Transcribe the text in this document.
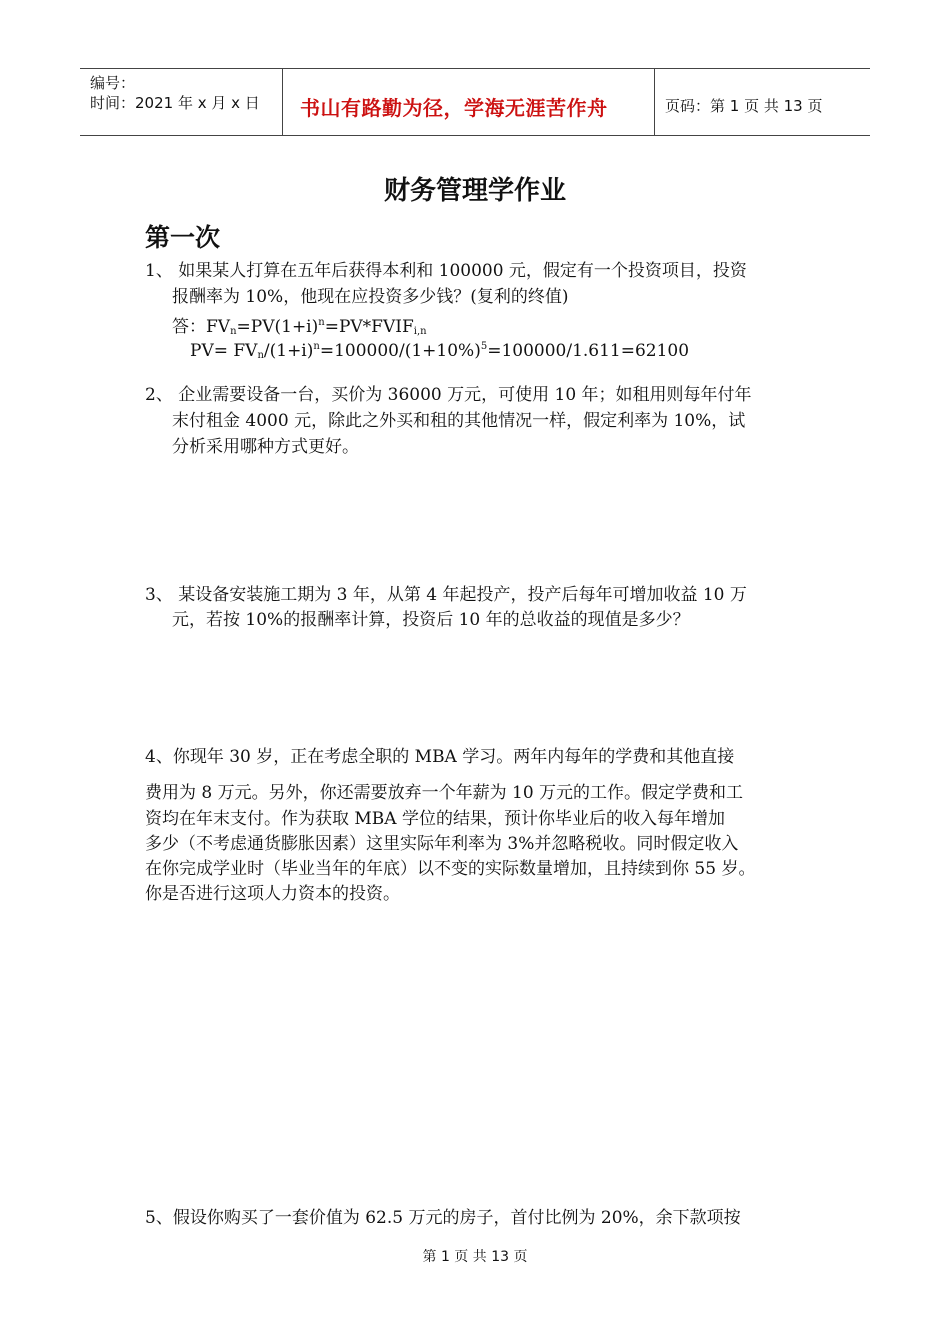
编号：
时间：2021 年 x 月 x 日 书山有路勤为径，学海无涯苦作舟	页码：第 1 页 共 13 页
财务管理学作业
第一次
1、 如果某人打算在五年后获得本利和 100000 元，假定有一个投资项目，投资
报酬率为 10%，他现在应投资多少钱？(复利的终值)
答：$FV_n=PV(1+i)^n=PV*FVIF_{i,n}$
$PV= FV_n/(1+i)^n=100000/(1+10\%)^5=100000/1.611=62100$
2、 企业需要设备一台，买价为 36000 万元，可使用 10 年；如租用则每年付年
末付租金 4000 元，除此之外买和租的其他情况一样，假定利率为 10%，试
分析采用哪种方式更好。
3、 某设备安装施工期为 3 年，从第 4 年起投产，投产后每年可增加收益 10 万
元，若按 10%的报酬率计算，投资后 10 年的总收益的现值是多少？
4、你现年 30 岁，正在考虑全职的 MBA 学习。两年内每年的学费和其他直接
费用为 8 万元。另外，你还需要放弃一个年薪为 10 万元的工作。假定学费和工
资均在年末支付。作为获取 MBA 学位的结果，预计你毕业后的收入每年增加
多少（不考虑通货膨胀因素）这里实际年利率为 3%并忽略税收。同时假定收入
在你完成学业时（毕业当年的年底）以不变的实际数量增加，且持续到你 55 岁。
你是否进行这项人力资本的投资。
5、假设你购买了一套价值为 62.5 万元的房子，首付比例为 20%，余下款项按
第 1 页 共 13 页
